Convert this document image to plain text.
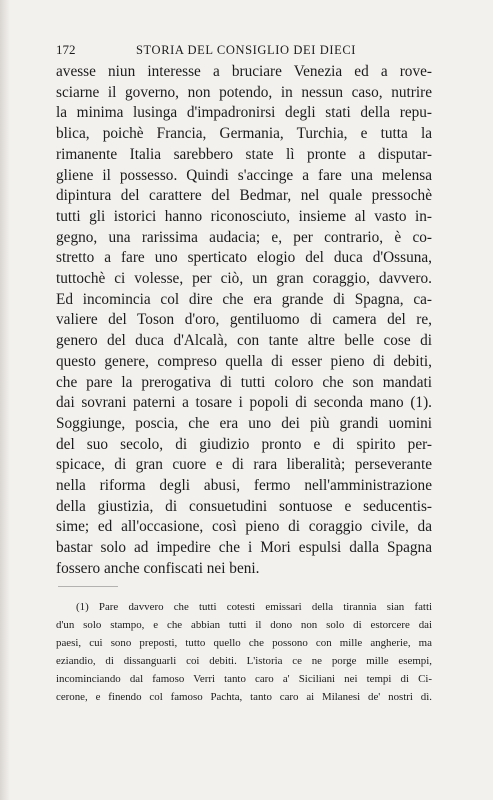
172	STORIA DEL CONSIGLIO DEI DIECI
avesse niun interesse a bruciare Venezia ed a rove-
sciarne il governo, non potendo, in nessun caso, nutrire
la minima lusinga d'impadronirsi degli stati della repu-
blica, poichè Francia, Germania, Turchia, e tutta la
rimanente Italia sarebbero state lì pronte a disputar-
gliene il possesso. Quindi s'accinge a fare una melensa
dipintura del carattere del Bedmar, nel quale pressochè
tutti gli istorici hanno riconosciuto, insieme al vasto in-
gegno, una rarissima audacia; e, per contrario, è co-
stretto a fare uno sperticato elogio del duca d'Ossuna,
tuttochè ci volesse, per ciò, un gran coraggio, davvero.
Ed incomincia col dire che era grande di Spagna, ca-
valiere del Toson d'oro, gentiluomo di camera del re,
genero del duca d'Alcalà, con tante altre belle cose di
questo genere, compreso quella di esser pieno di debiti,
che pare la prerogativa di tutti coloro che son mandati
dai sovrani paterni a tosare i popoli di seconda mano (1).
Soggiunge, poscia, che era uno dei più grandi uomini
del suo secolo, di giudizio pronto e di spirito per-
spicace, di gran cuore e di rara liberalità; perseverante
nella riforma degli abusi, fermo nell'amministrazione
della giustizia, di consuetudini sontuose e seducentis-
sime; ed all'occasione, così pieno di coraggio civile, da
bastar solo ad impedire che i Mori espulsi dalla Spagna
fossero anche confiscati nei beni.
(1) Pare davvero che tutti cotesti emissari della tirannia sian fatti
d'un solo stampo, e che abbian tutti il dono non solo di estorcere dai
paesi, cui sono preposti, tutto quello che possono con mille angherie, ma
eziandio, di dissanguarli coi debiti. L'istoria ce ne porge mille esempi,
incominciando dal famoso Verri tanto caro a' Siciliani nei tempi di Ci-
cerone, e finendo col famoso Pachta, tanto caro ai Milanesi de' nostri dì.
